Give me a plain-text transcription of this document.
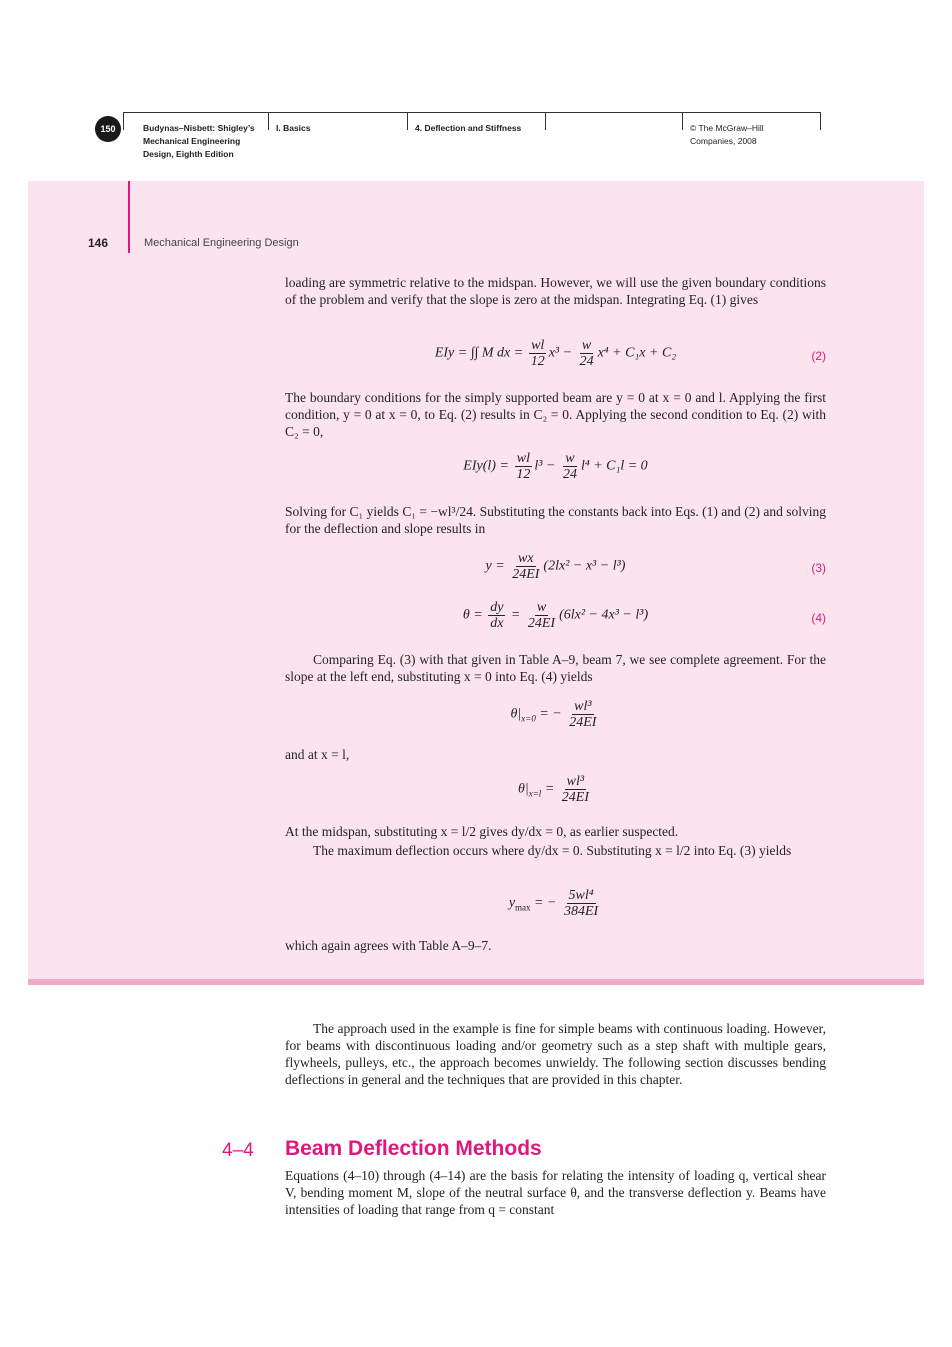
150	Budynas–Nisbett: Shigley’s
Mechanical Engineering
Design, Eighth Edition
I. Basics	4. Deflection and Stiffness	© The McGraw–Hill
Companies, 2008
146	Mechanical Engineering Design
loading are symmetric relative to the midspan. However, we will use the given boundary conditions of the problem and verify that the slope is zero at the midspan. Integrating Eq. (1) gives
EIy = ∫∫ M dx = $\frac{wl}{12} x^3 - \frac{w}{24} x^4 + C_1x + C_2$	(2)
The boundary conditions for the simply supported beam are y = 0 at x = 0 and l. Applying the first condition, y = 0 at x = 0, to Eq. (2) results in C₂ = 0. Applying the second condition to Eq. (2) with C₂ = 0,
$EIy(l) = \frac{wl}{12} l^3 - \frac{w}{24} l^4 + C_1l = 0$
Solving for C₁ yields C₁ = −wl³/24. Substituting the constants back into Eqs. (1) and (2) and solving for the deflection and slope results in
$y = \frac{wx}{24EI} (2lx^2 - x^3 - l^3)$	(3)
$\theta = \frac{dy}{dx} = \frac{w}{24EI} (6lx^2 - 4x^3 - l^3)$	(4)
Comparing Eq. (3) with that given in Table A–9, beam 7, we see complete agreement. For the slope at the left end, substituting x = 0 into Eq. (4) yields
$\theta|_{x=0}$ = − $\frac{\text{wl³}}{24EI}$
and at x = l,
$\theta|_{x=l} = \frac{\text{wl³}}{24EI}$
At the midspan, substituting x = l/2 gives dy/dx = 0, as earlier suspected.
The maximum deflection occurs where dy/dx = 0. Substituting x = l/2 into Eq. (3) yields
$y_{max}$ = − $\frac{\text{5wl⁴}}{384EI}$
which again agrees with Table A–9–7.
The approach used in the example is fine for simple beams with continuous loading. However, for beams with discontinuous loading and/or geometry such as a step shaft with multiple gears, flywheels, pulleys, etc., the approach becomes unwieldy. The following section discusses bending deflections in general and the techniques that are provided in this chapter.
4–4 Beam Deflection Methods
Equations (4–10) through (4–14) are the basis for relating the intensity of loading q, vertical shear V, bending moment M, slope of the neutral surface θ, and the transverse deflection y. Beams have intensities of loading that range from q = constant
